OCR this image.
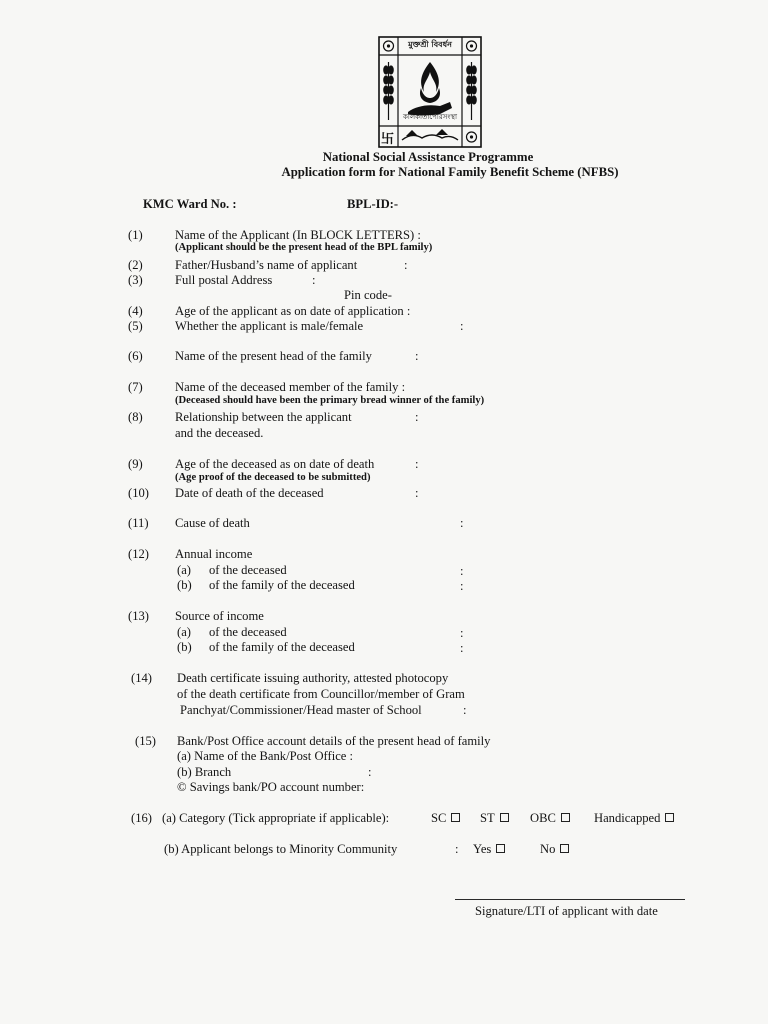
মুক্তশ্রী বিবর্ধন
কলিকাতাপৌরসংস্থা
卐
National Social Assistance Programme
Application form for National Family Benefit Scheme (NFBS)
KMC Ward No. :	BPL-ID:-
(1)	Name of the Applicant (In BLOCK LETTERS) :
(Applicant should be the present head of the BPL family)
(2)	Father/Husband’s name of applicant	:
(3)	Full postal Address	:
Pin code-
(4)	Age of the applicant as on date of application :
(5)	Whether the applicant is male/female	:
(6)	Name of the present head of the family	:
(7)	Name of the deceased member of the family :
(Deceased should have been the primary bread winner of the family)
(8)	Relationship between the applicant	:
and the deceased.
(9)	Age of the deceased as on date of death	:
(Age proof of the deceased to be submitted)
(10) Date of death of the deceased	:
(11) Cause of death	:
(12) Annual income
(a) of the deceased	:
(b) of the family of the deceased	:
(13) Source of income
(a) of the deceased	:
(b) of the family of the deceased	:
(14) Death certificate issuing authority, attested photocopy
of the death certificate from Councillor/member of Gram
Panchyat/Commissioner/Head master of School	:
(15) Bank/Post Office account details of the present head of family
(a) Name of the Bank/Post Office :
(b) Branch	:
© Savings bank/PO account number:
(16) (a) Category (Tick appropriate if applicable):	SC	ST	OBC	Handicapped
(b) Applicant belongs to Minority Community	: Yes	No
Signature/LTI of applicant with date
